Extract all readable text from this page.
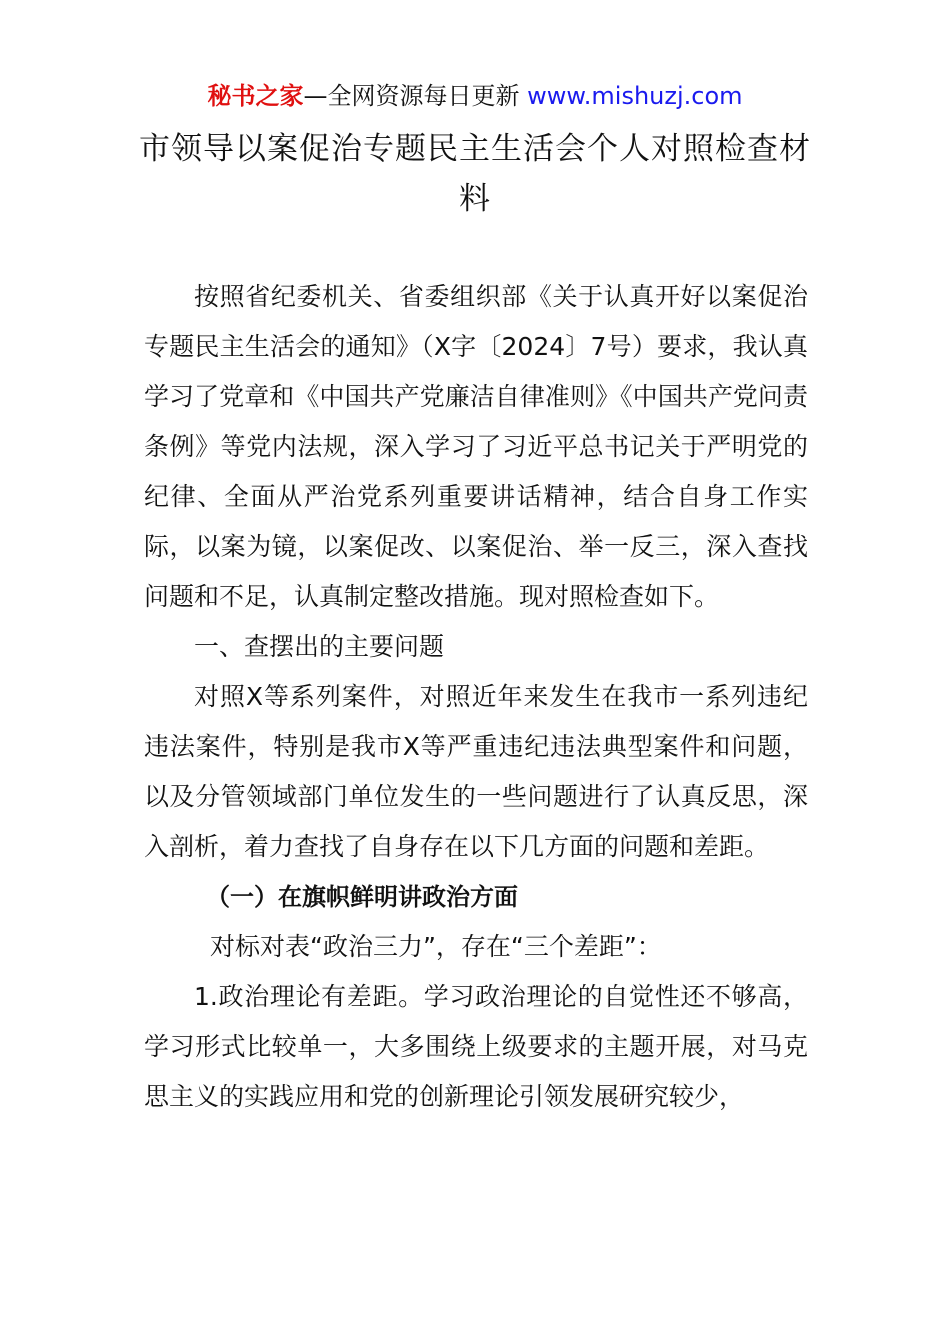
秘书之家—全网资源每日更新 www.mishuzj.com
市领导以案促治专题民主生活会个人对照检查材料

按照省纪委机关、省委组织部《关于认真开好以案促治专题民主生活会的通知》（X字〔2024〕7号）要求，我认真学习了党章和《中国共产党廉洁自律准则》《中国共产党问责条例》等党内法规，深入学习了习近平总书记关于严明党的纪律、全面从严治党系列重要讲话精神，结合自身工作实际，以案为镜，以案促改、以案促治、举一反三，深入查找问题和不足，认真制定整改措施。现对照检查如下。

一、查摆出的主要问题

对照X等系列案件，对照近年来发生在我市一系列违纪违法案件，特别是我市X等严重违纪违法典型案件和问题，以及分管领域部门单位发生的一些问题进行了认真反思，深入剖析，着力查找了自身存在以下几方面的问题和差距。

（一）在旗帜鲜明讲政治方面

对标对表“政治三力”，存在“三个差距”：

1.政治理论有差距。学习政治理论的自觉性还不够高，学习形式比较单一，大多围绕上级要求的主题开展，对马克思主义的实践应用和党的创新理论引领发展研究较少，
